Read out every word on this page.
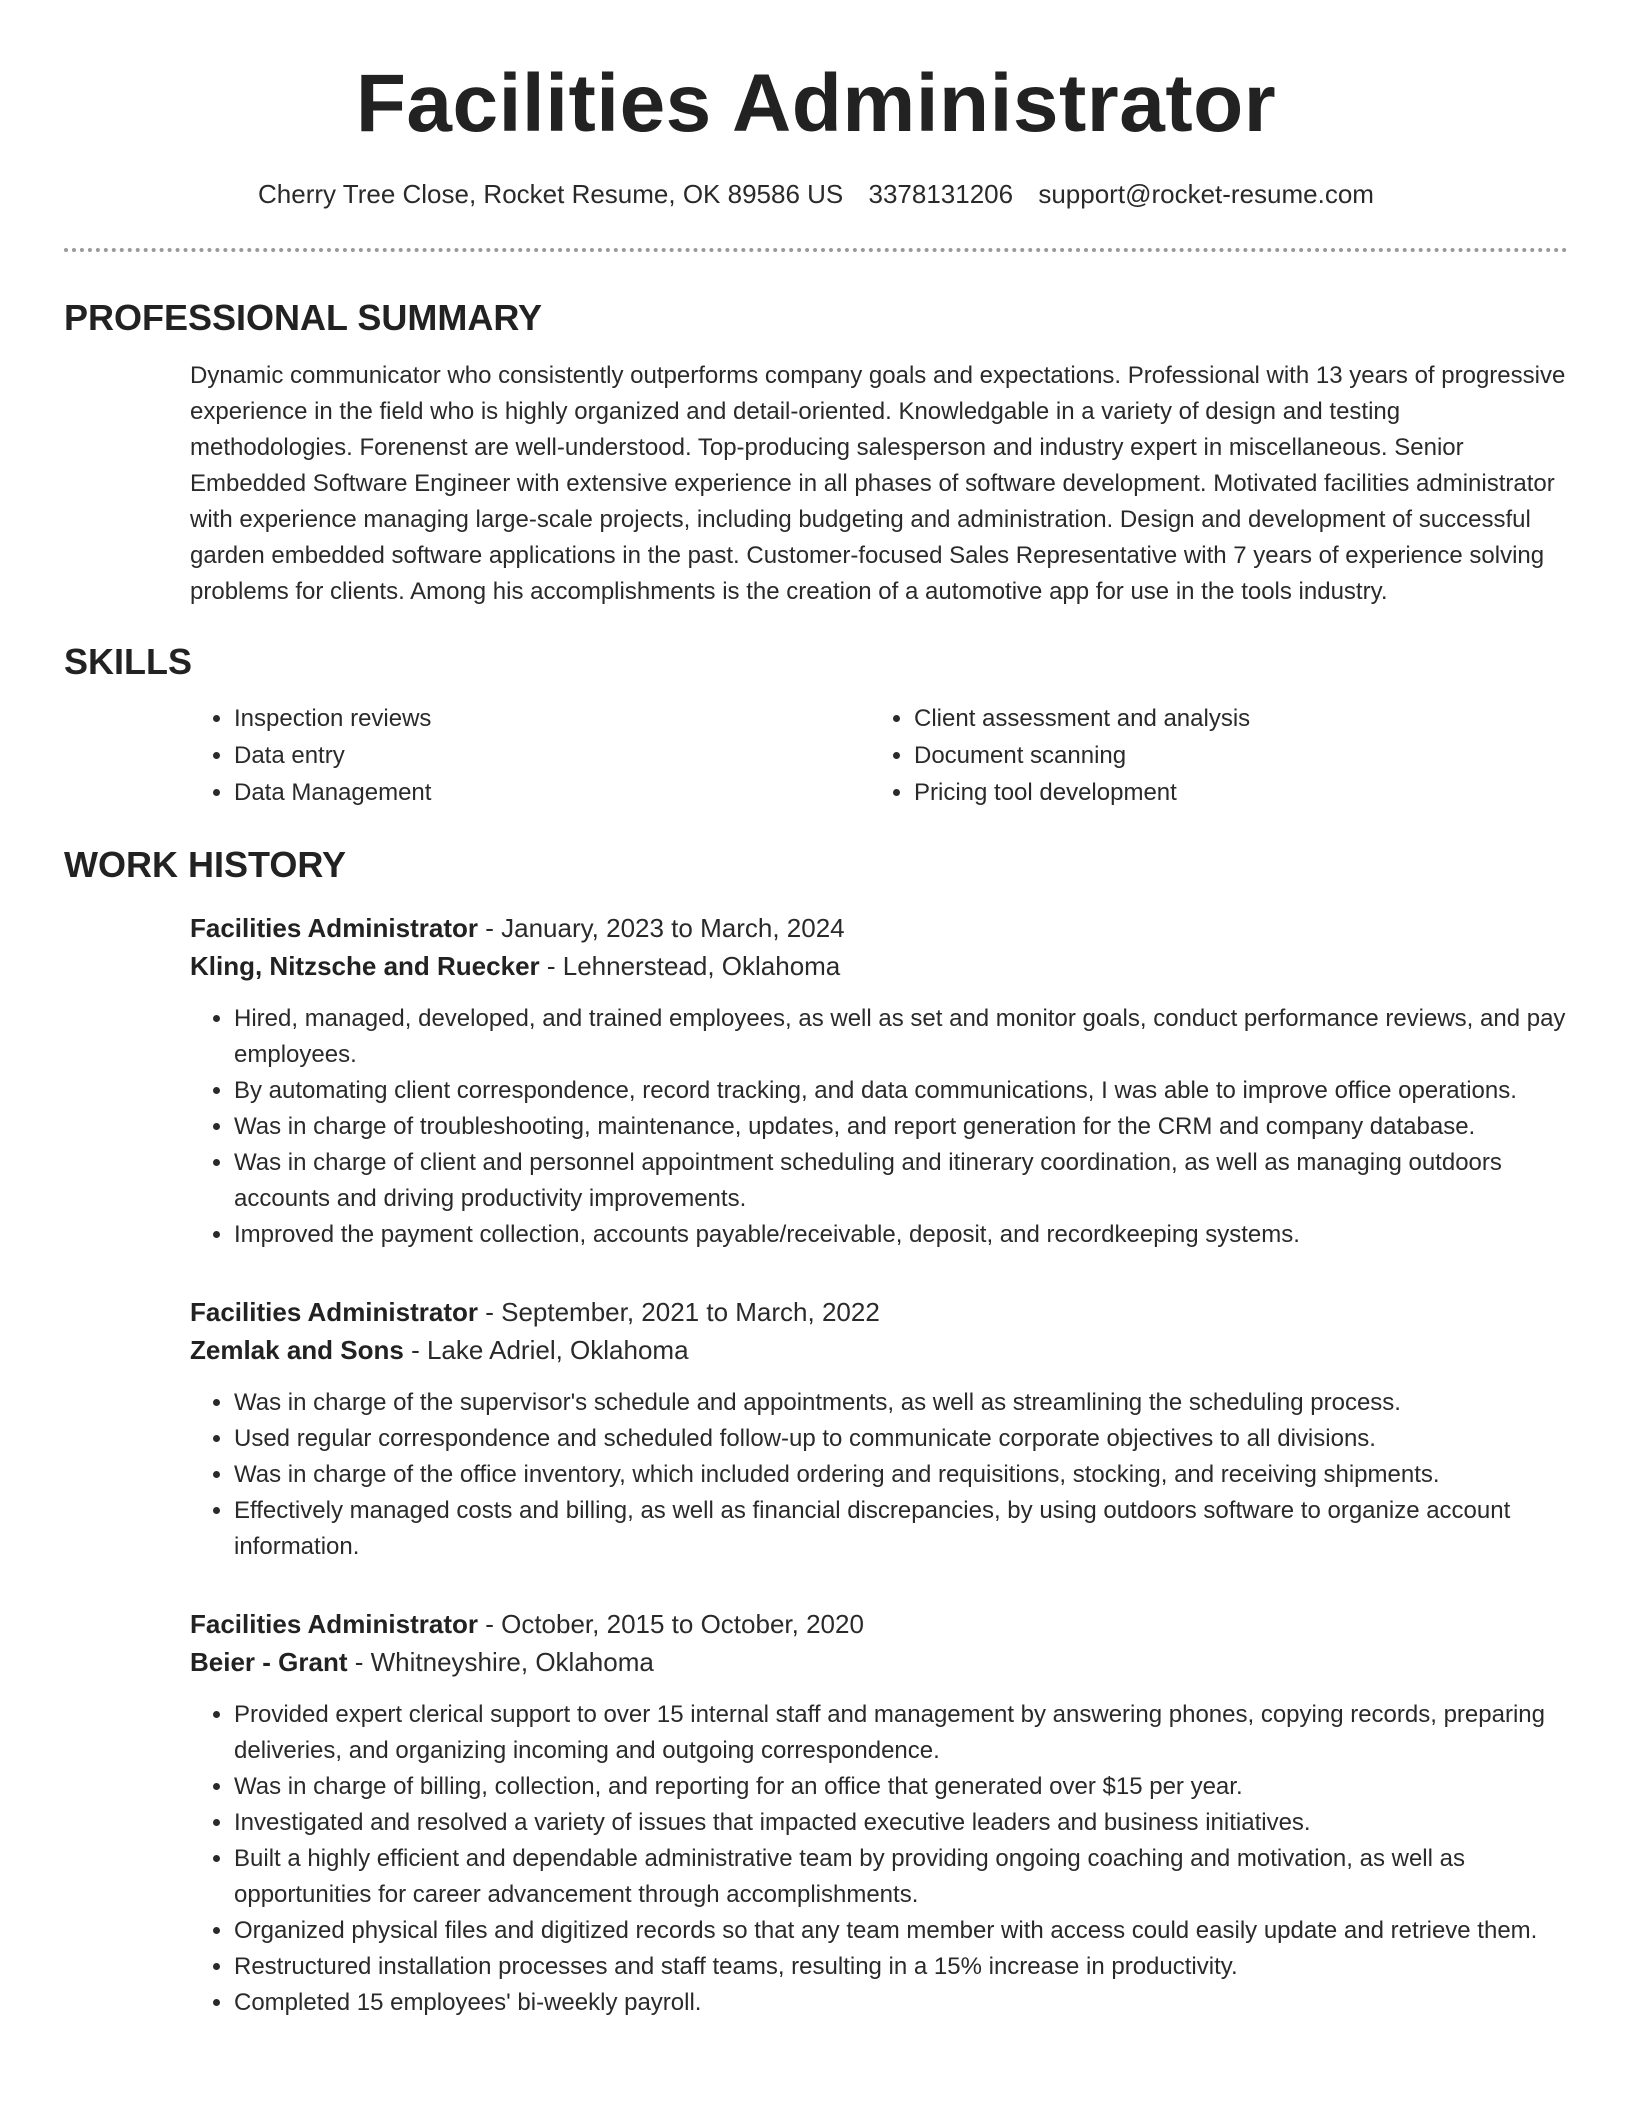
Facilities Administrator
Cherry Tree Close, Rocket Resume, OK 89586 US 3378131206 support@rocket-resume.com
PROFESSIONAL SUMMARY
Dynamic communicator who consistently outperforms company goals and expectations. Professional with 13 years of progressive experience in the field who is highly organized and detail-oriented. Knowledgable in a variety of design and testing methodologies. Forenenst are well-understood. Top-producing salesperson and industry expert in miscellaneous. Senior Embedded Software Engineer with extensive experience in all phases of software development. Motivated facilities administrator with experience managing large-scale projects, including budgeting and administration. Design and development of successful garden embedded software applications in the past. Customer-focused Sales Representative with 7 years of experience solving problems for clients. Among his accomplishments is the creation of a automotive app for use in the tools industry.
SKILLS
• Inspection reviews
• Data entry
• Data Management
• Client assessment and analysis
• Document scanning
• Pricing tool development
WORK HISTORY
Facilities Administrator - January, 2023 to March, 2024
Kling, Nitzsche and Ruecker - Lehnerstead, Oklahoma
• Hired, managed, developed, and trained employees, as well as set and monitor goals, conduct performance reviews, and pay employees.
• By automating client correspondence, record tracking, and data communications, I was able to improve office operations.
• Was in charge of troubleshooting, maintenance, updates, and report generation for the CRM and company database.
• Was in charge of client and personnel appointment scheduling and itinerary coordination, as well as managing outdoors accounts and driving productivity improvements.
• Improved the payment collection, accounts payable/receivable, deposit, and recordkeeping systems.
Facilities Administrator - September, 2021 to March, 2022
Zemlak and Sons - Lake Adriel, Oklahoma
• Was in charge of the supervisor's schedule and appointments, as well as streamlining the scheduling process.
• Used regular correspondence and scheduled follow-up to communicate corporate objectives to all divisions.
• Was in charge of the office inventory, which included ordering and requisitions, stocking, and receiving shipments.
• Effectively managed costs and billing, as well as financial discrepancies, by using outdoors software to organize account information.
Facilities Administrator - October, 2015 to October, 2020
Beier - Grant - Whitneyshire, Oklahoma
• Provided expert clerical support to over 15 internal staff and management by answering phones, copying records, preparing deliveries, and organizing incoming and outgoing correspondence.
• Was in charge of billing, collection, and reporting for an office that generated over $15 per year.
• Investigated and resolved a variety of issues that impacted executive leaders and business initiatives.
• Built a highly efficient and dependable administrative team by providing ongoing coaching and motivation, as well as opportunities for career advancement through accomplishments.
• Organized physical files and digitized records so that any team member with access could easily update and retrieve them.
• Restructured installation processes and staff teams, resulting in a 15% increase in productivity.
• Completed 15 employees' bi-weekly payroll.
